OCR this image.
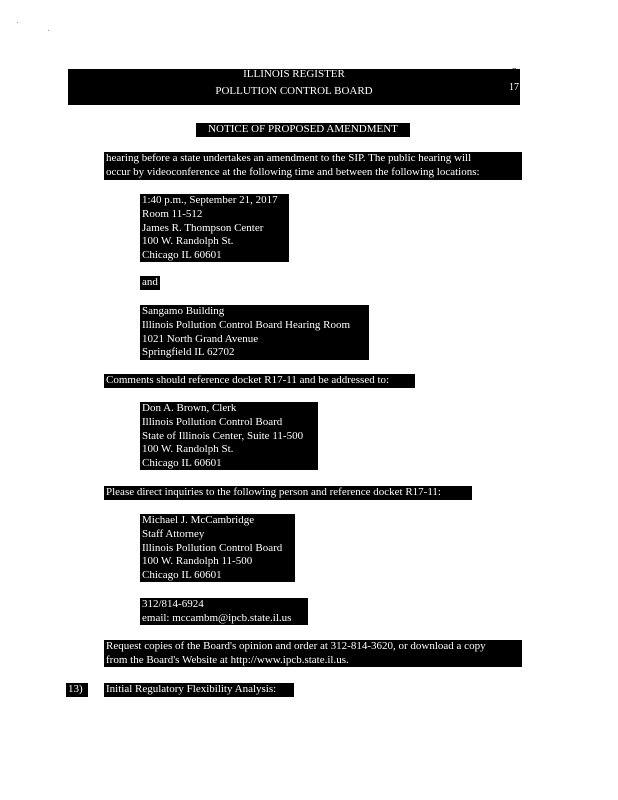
ILLINOIS REGISTER
POLLUTION CONTROL BOARD
3
17
NOTICE OF PROPOSED AMENDMENT
hearing before a state undertakes an amendment to the SIP. The public hearing will
occur by videoconference at the following time and between the following locations:
1:40 p.m., September 21, 2017
Room 11-512
James R. Thompson Center
100 W. Randolph St.
Chicago IL 60601
and
Sangamo Building
Illinois Pollution Control Board Hearing Room
1021 North Grand Avenue
Springfield IL 62702
Comments should reference docket R17-11 and be addressed to:
Don A. Brown, Clerk
Illinois Pollution Control Board
State of Illinois Center, Suite 11-500
100 W. Randolph St.
Chicago IL 60601
Please direct inquiries to the following person and reference docket R17-11:
Michael J. McCambridge
Staff Attorney
Illinois Pollution Control Board
100 W. Randolph 11-500
Chicago IL 60601
312/814-6924
email: mccambm@ipcb.state.il.us
Request copies of the Board's opinion and order at 312-814-3620, or download a copy
from the Board's Website at http://www.ipcb.state.il.us.
13)	Initial Regulatory Flexibility Analysis:
